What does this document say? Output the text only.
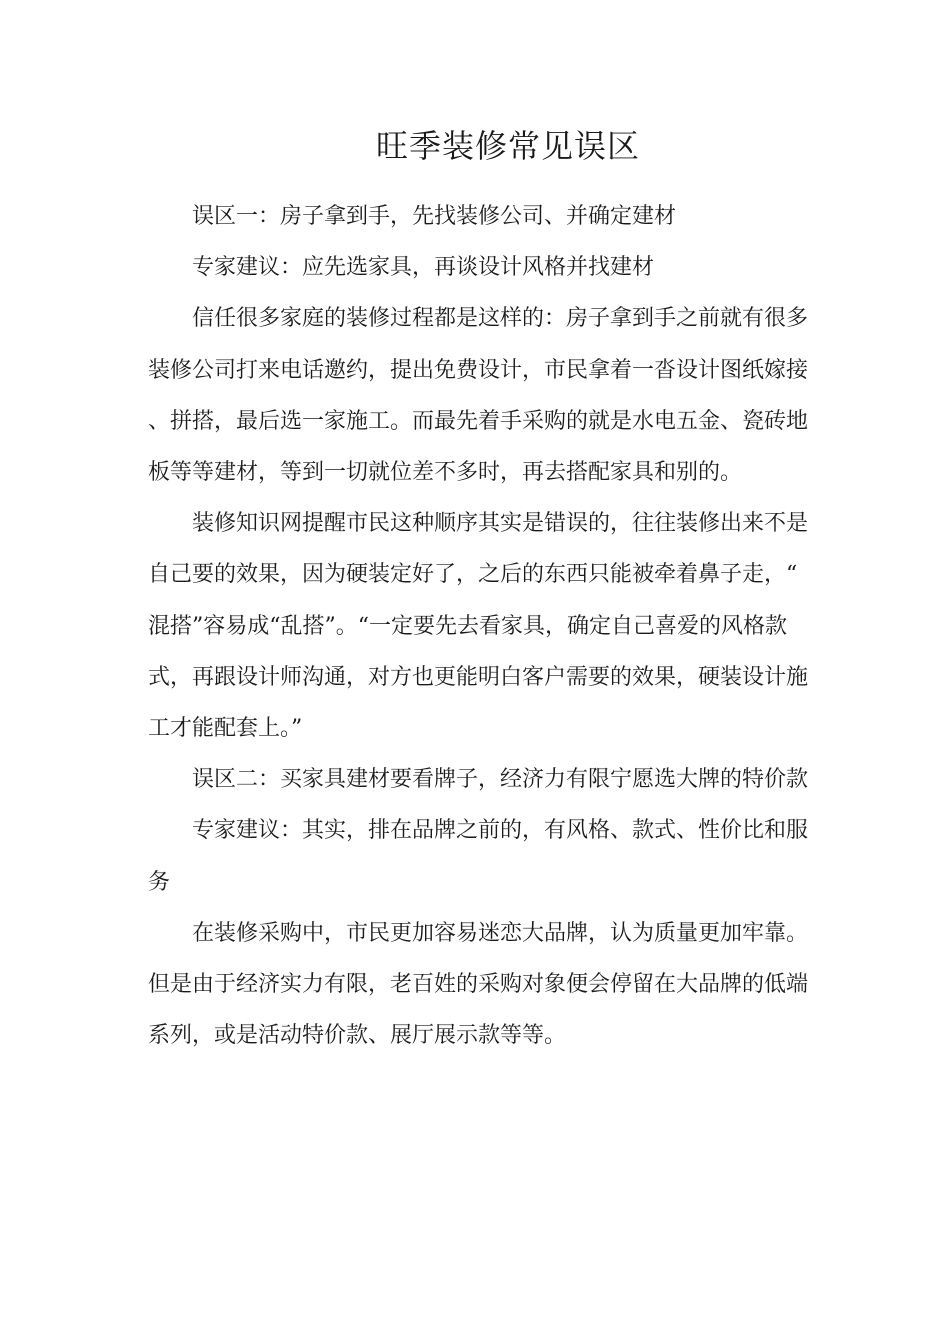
旺季装修常见误区

误区一：房子拿到手，先找装修公司、并确定建材

专家建议：应先选家具，再谈设计风格并找建材

信任很多家庭的装修过程都是这样的：房子拿到手之前就有很多装修公司打来电话邀约，提出免费设计，市民拿着一沓设计图纸嫁接、拼搭，最后选一家施工。而最先着手采购的就是水电五金、瓷砖地板等等建材，等到一切就位差不多时，再去搭配家具和别的。

装修知识网提醒市民这种顺序其实是错误的，往往装修出来不是自己要的效果，因为硬装定好了，之后的东西只能被牵着鼻子走，“混搭”容易成“乱搭”。“一定要先去看家具，确定自己喜爱的风格款式，再跟设计师沟通，对方也更能明白客户需要的效果，硬装设计施工才能配套上。”

误区二：买家具建材要看牌子，经济力有限宁愿选大牌的特价款

专家建议：其实，排在品牌之前的，有风格、款式、性价比和服务

在装修采购中，市民更加容易迷恋大品牌，认为质量更加牢靠。但是由于经济实力有限，老百姓的采购对象便会停留在大品牌的低端系列，或是活动特价款、展厅展示款等等。
